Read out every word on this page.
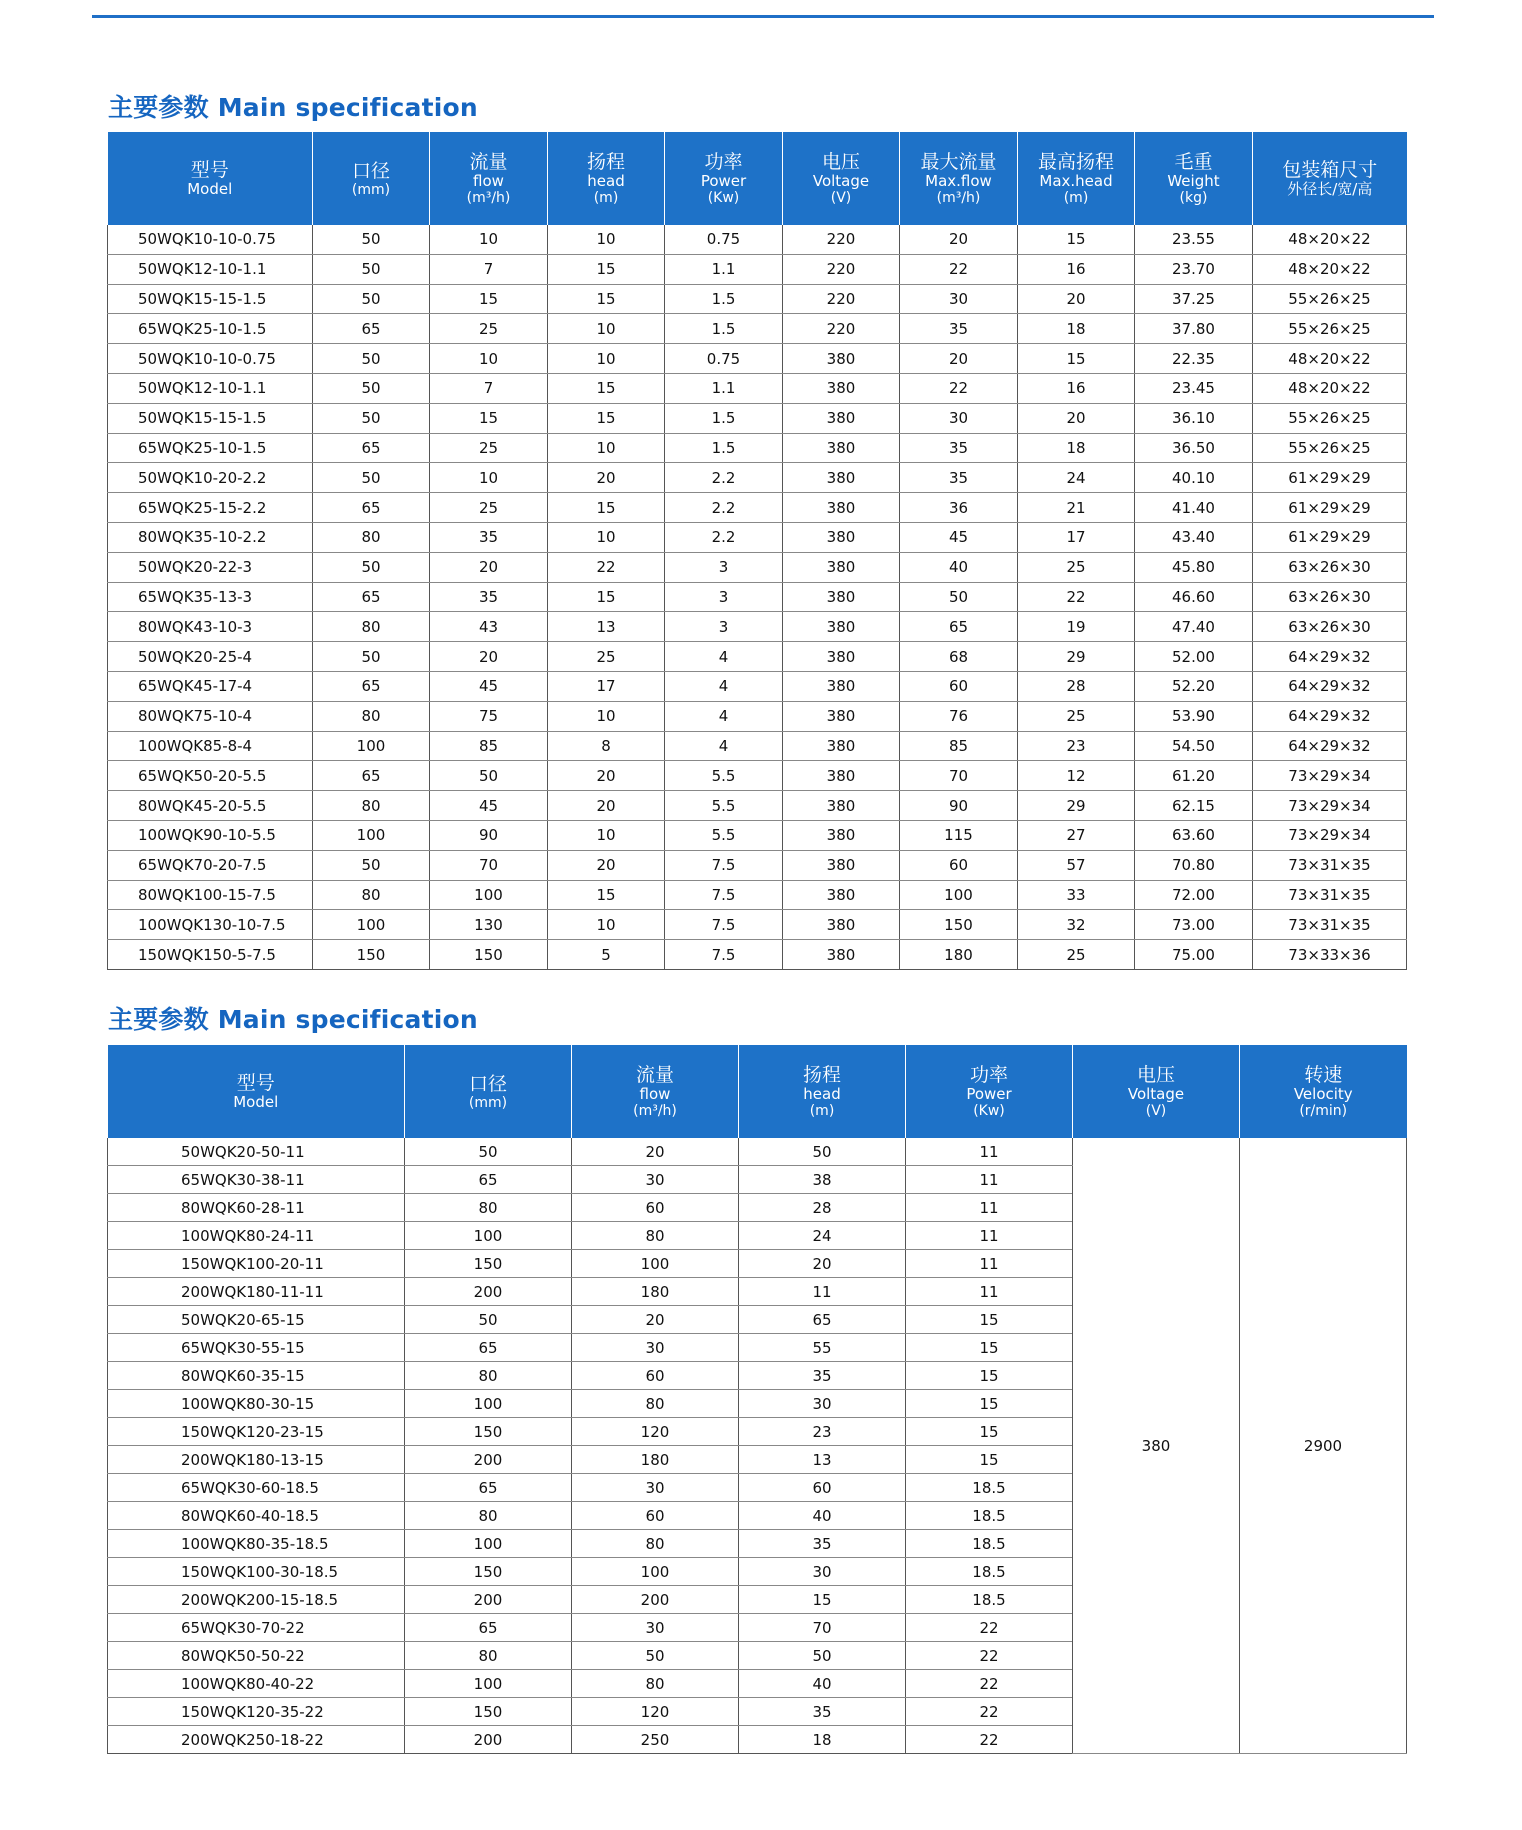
主要参数 Main specification
型号
Model	口径
(mm)	流量
flow
(m³/h)	扬程
head
(m)	功率
Power
(Kw)	电压
Voltage
(V)	最大流量
Max.flow
(m³/h)	最高扬程
Max.head
(m)	毛重
Weight
(kg)	包装箱尺寸
外径长/宽/高

50WQK10-10-0.75	50	10	10	0.75	220	20	15	23.55	48×20×22
50WQK12-10-1.1	50	7	15	1.1	220	22	16	23.70	48×20×22
50WQK15-15-1.5	50	15	15	1.5	220	30	20	37.25	55×26×25
65WQK25-10-1.5	65	25	10	1.5	220	35	18	37.80	55×26×25
50WQK10-10-0.75	50	10	10	0.75	380	20	15	22.35	48×20×22
50WQK12-10-1.1	50	7	15	1.1	380	22	16	23.45	48×20×22
50WQK15-15-1.5	50	15	15	1.5	380	30	20	36.10	55×26×25
65WQK25-10-1.5	65	25	10	1.5	380	35	18	36.50	55×26×25
50WQK10-20-2.2	50	10	20	2.2	380	35	24	40.10	61×29×29
65WQK25-15-2.2	65	25	15	2.2	380	36	21	41.40	61×29×29
80WQK35-10-2.2	80	35	10	2.2	380	45	17	43.40	61×29×29
50WQK20-22-3	50	20	22	3	380	40	25	45.80	63×26×30
65WQK35-13-3	65	35	15	3	380	50	22	46.60	63×26×30
80WQK43-10-3	80	43	13	3	380	65	19	47.40	63×26×30
50WQK20-25-4	50	20	25	4	380	68	29	52.00	64×29×32
65WQK45-17-4	65	45	17	4	380	60	28	52.20	64×29×32
80WQK75-10-4	80	75	10	4	380	76	25	53.90	64×29×32
100WQK85-8-4	100	85	8	4	380	85	23	54.50	64×29×32
65WQK50-20-5.5	65	50	20	5.5	380	70	12	61.20	73×29×34
80WQK45-20-5.5	80	45	20	5.5	380	90	29	62.15	73×29×34
100WQK90-10-5.5	100	90	10	5.5	380	115	27	63.60	73×29×34
65WQK70-20-7.5	50	70	20	7.5	380	60	57	70.80	73×31×35
80WQK100-15-7.5	80	100	15	7.5	380	100	33	72.00	73×31×35
100WQK130-10-7.5	100	130	10	7.5	380	150	32	73.00	73×31×35
150WQK150-5-7.5	150	150	5	7.5	380	180	25	75.00	73×33×36
主要参数 Main specification
型号
Model	口径
(mm)	流量
flow
(m³/h)	扬程
head
(m)	功率
Power
(Kw)	电压
Voltage
(V)	转速
Velocity
(r/min)

50WQK20-50-11	50	20	50	11	380	2900
65WQK30-38-11	65	30	38	11		
80WQK60-28-11	80	60	28	11		
100WQK80-24-11	100	80	24	11		
150WQK100-20-11	150	100	20	11		
200WQK180-11-11	200	180	11	11		
50WQK20-65-15	50	20	65	15		
65WQK30-55-15	65	30	55	15		
80WQK60-35-15	80	60	35	15		
100WQK80-30-15	100	80	30	15		
150WQK120-23-15	150	120	23	15		
200WQK180-13-15	200	180	13	15		
65WQK30-60-18.5	65	30	60	18.5		
80WQK60-40-18.5	80	60	40	18.5		
100WQK80-35-18.5	100	80	35	18.5		
150WQK100-30-18.5	150	100	30	18.5		
200WQK200-15-18.5	200	200	15	18.5		
65WQK30-70-22	65	30	70	22		
80WQK50-50-22	80	50	50	22		
100WQK80-40-22	100	80	40	22		
150WQK120-35-22	150	120	35	22		
200WQK250-18-22	200	250	18	22		
